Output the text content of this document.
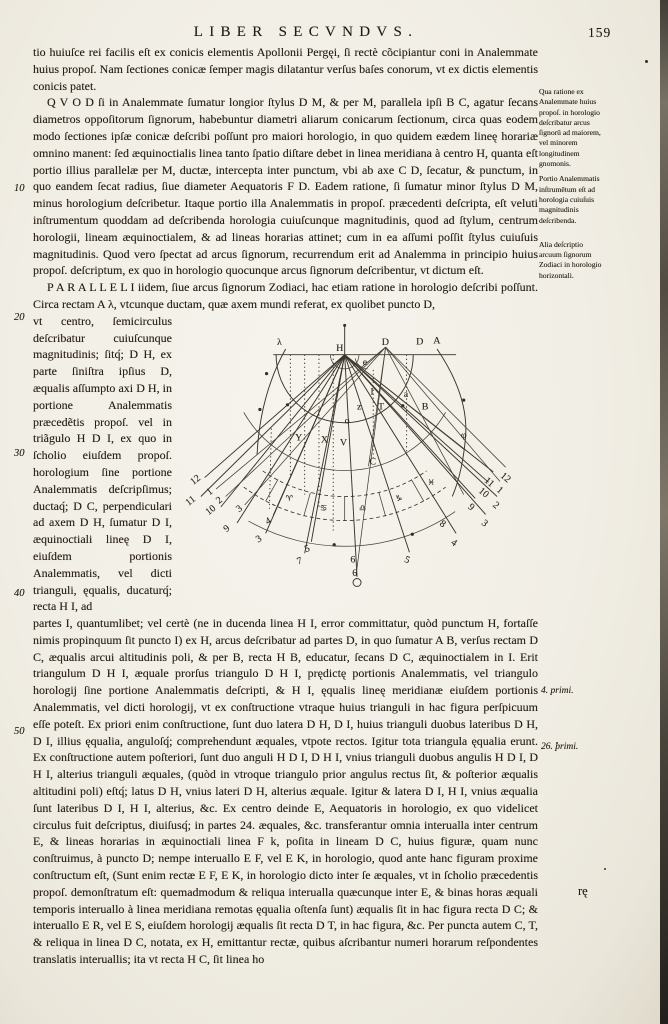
LIBER SECVNDVS.	159
10
20
30
40
50

tio huiuſce rei facilis eſt ex conicis elementis Apollonii Pergęi, ſi rectè cõcipiantur coni in Analemmate huius propoſ. Nam ſectiones conicæ ſemper magis dilatantur verſus baſes conorum, vt ex dictis elementis conicis patet.

Q V O D ſi in Analemmate ſumatur longior ſtylus D M, & per M, parallela ipſi B C, agatur ſecans diametros oppoſitorum ſignorum, habebuntur diametri aliarum conicarum ſectionum, circa quas eodem modo ſectiones ipſæ conicæ deſcribi poſſunt pro maiori horologio, in quo quidem eædem lineę horariæ omnino manent: ſed æquinoctialis linea tanto ſpatio diſtare debet in linea meridiana à centro H, quanta eſt portio illius parallelæ per M, ductæ, intercepta inter punctum, vbi ab axe C D, ſecatur, & punctum, in quo eandem ſecat radius, ſiue diameter Aequatoris F D. Eadem ratione, ſi ſumatur minor ſtylus D M, minus horologium deſcribetur. Itaque portio illa Analemmatis in propoſ. præcedenti deſcripta, eſt veluti inſtrumentum quoddam ad deſcribenda horologia cuiuſcunque magnitudinis, quod ad ſtylum, centrum horologii, lineam æquinoctialem, & ad lineas horarias attinet; cum in ea aſſumi poſſit ſtylus cuiuſuis magnitudinis. Quod vero ſpectat ad arcus ſignorum, recurrendum erit ad Analemma in principio huius propoſ. deſcriptum, ex quo in horologio quocunque arcus ſignorum deſcribentur, vt dictum eſt.

P A R A L L E L I iidem, ſiue arcus ſignorum Zodiaci, hac etiam ratione in horologio deſcribi poſſunt. Circa rectam A λ, vtcunque ductam, quæ axem mundi referat, ex quolibet puncto D,

♈
♋	♎
♑
♓
λ
H
D	D A
e
I
z T
a
B
o
Y X V
φ
C
12
11
10
9
1
2
3
4
3
5
7	6
6
5
4
8	3
9 2
10 1
11 12

vt centro, ſemicirculus deſcribatur cuiuſcunque magnitudinis; ſitq́; D H, ex parte ſiniſtra ipſius D, æqualis aſſumpto axi D H, in portione Analemmatis præcedẽtis propoſ. vel in triãgulo H D I, ex quo in ſcholio eiuſdem propoſ. horologium ſine portione Analemmatis deſcripſimus; ductaq́; D C, perpendiculari ad axem D H, ſumatur D I, æquinoctiali lineę D I, eiuſdem portionis Analemmatis, vel dicti trianguli, ęqualis, ducaturq́; recta H I, ad

partes I, quantumlibet; vel certè (ne in ducenda linea H I, error committatur, quòd punctum H, fortaſſe nimis propinquum ſit puncto I) ex H, arcus deſcribatur ad partes D, in quo ſumatur A B, verſus rectam D C, æqualis arcui altitudinis poli, & per B, recta H B, educatur, ſecans D C, æquinoctialem in I. Erit triangulum D H I, æquale prorſus triangulo D H I, prędictę portionis Analemmatis, vel triangulo horologij ſine portione Analemmatis deſcripti, & H I, ęqualis lineę meridianæ eiuſdem portionis Analemmatis, vel dicti horologij, vt ex conſtructione vtraque huius trianguli in hac figura perſpicuum eſſe poteſt. Ex priori enim conſtructione, ſunt duo latera D H, D I, huius trianguli duobus lateribus D H, D I, illius ęqualia, anguloſq́; comprehendunt æquales, vtpote rectos. Igitur tota triangula ęqualia erunt. Ex conſtructione autem poſteriori, ſunt duo anguli H D I, D H I, vnius trianguli duobus angulis H D I, D H I, alterius trianguli æquales, (quòd in vtroque triangulo prior angulus rectus ſit, & poſterior æqualis altitudini poli) eſtq́; latus D H, vnius lateri D H, alterius æquale. Igitur & latera D I, H I, vnius æqualia ſunt lateribus D I, H I, alterius, &c. Ex centro deinde E, Aequatoris in horologio, ex quo videlicet circulus fuit deſcriptus, diuiſusq́; in partes 24. æquales, &c. transferantur omnia interualla inter centrum E, & lineas horarias in æquinoctiali linea F k, poſita in lineam D C, huius figuræ, quam nunc conſtruimus, à puncto D; nempe interuallo E F, vel E K, in horologio, quod ante hanc figuram proxime conſtructum eſt, (Sunt enim rectæ E F, E K, in horologio dicto inter ſe æquales, vt in ſcholio præcedentis propoſ. demonſtratum eſt: quemadmodum & reliqua interualla quæcunque inter E, & binas horas æquali temporis interuallo à linea meridiana remotas ęqualia oſtenſa ſunt) æqualis ſit in hac figura recta D C; & interuallo E R, vel E S, eiuſdem horologij æqualis ſit recta D T, in hac figura, &c. Per puncta autem C, T, & reliqua in linea D C, notata, ex H, emittantur rectæ, quibus aſcribantur numeri horarum reſpondentes translatis interuallis; ita vt recta H C, ſit linea ho

Qua ratione ex Analemmate huius propoſ. in horologio deſcribatur arcus ſignorū ad maiorem, vel minorem longitudinem gnomonis.
Portio Analemmatis inſtrumẽtum eſt ad horologia cuiuſuis magnitudinis deſcribenda.
Alia deſcriptio arcuum ſignorum Zodiaci in horologio horizontali.
4. primi.
26. primi.
rę
